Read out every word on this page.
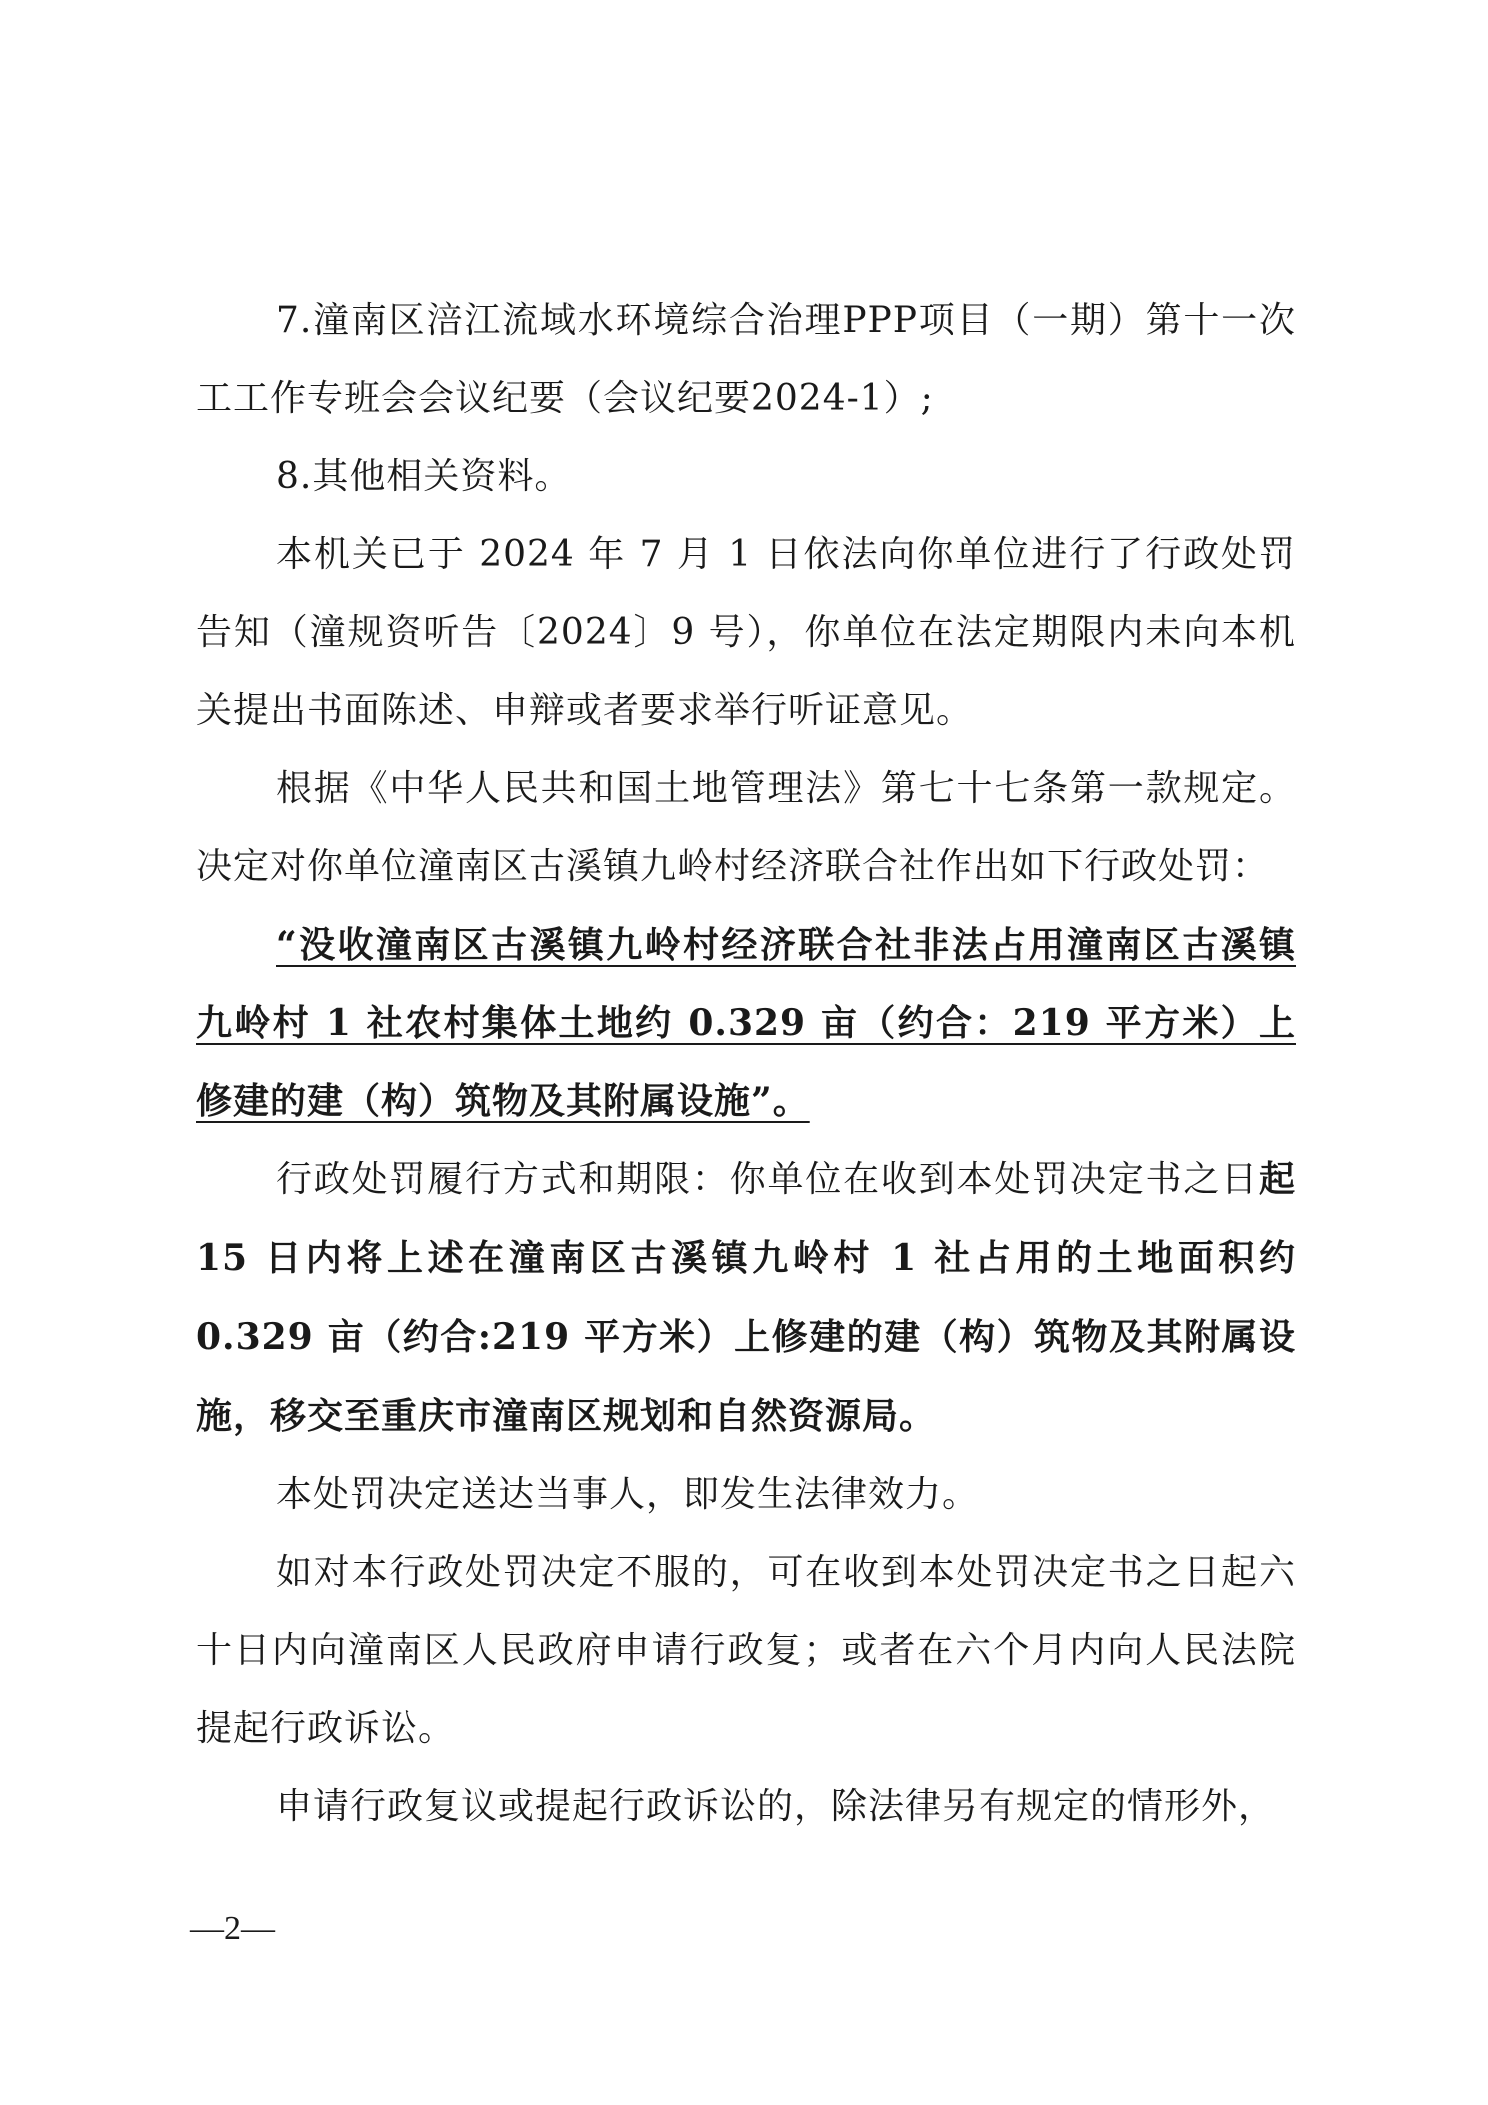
7.潼南区涪江流域水环境综合治理PPP项目（一期）第十一次工工作专班会会议纪要（会议纪要2024-1）;

8.其他相关资料。

本机关已于 2024 年 7 月 1 日依法向你单位进行了行政处罚告知（潼规资听告〔2024〕9 号），你单位在法定期限内未向本机关提出书面陈述、申辩或者要求举行听证意见。

根据《中华人民共和国土地管理法》第七十七条第一款规定。决定对你单位潼南区古溪镇九岭村经济联合社作出如下行政处罚：

“没收潼南区古溪镇九岭村经济联合社非法占用潼南区古溪镇九岭村 1 社农村集体土地约 0.329 亩（约合：219 平方米）上修建的建（构）筑物及其附属设施”。

行政处罚履行方式和期限：你单位在收到本处罚决定书之日起 15 日内将上述在潼南区古溪镇九岭村 1 社占用的土地面积约 0.329 亩（约合:219 平方米）上修建的建（构）筑物及其附属设施，移交至重庆市潼南区规划和自然资源局。

本处罚决定送达当事人，即发生法律效力。

如对本行政处罚决定不服的，可在收到本处罚决定书之日起六十日内向潼南区人民政府申请行政复；或者在六个月内向人民法院提起行政诉讼。

申请行政复议或提起行政诉讼的，除法律另有规定的情形外，

—2—
